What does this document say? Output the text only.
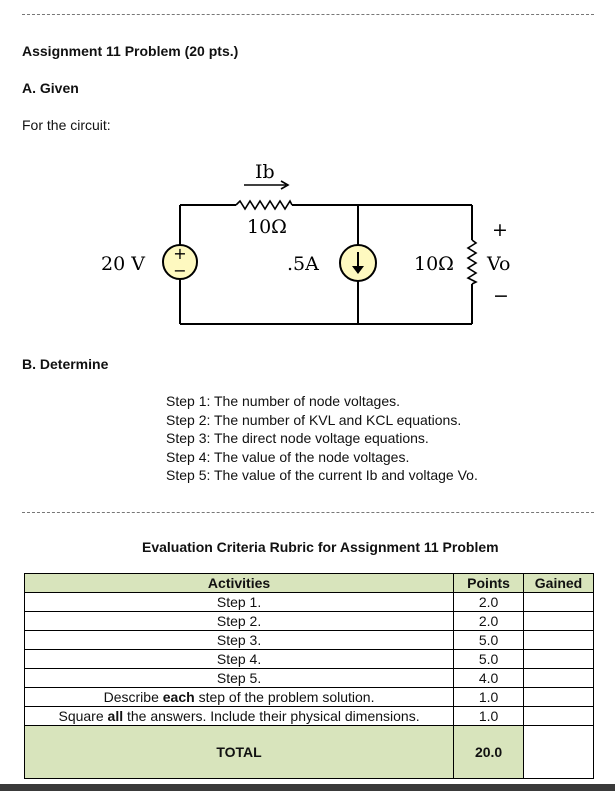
Assignment 11 Problem (20 pts.)
A. Given
For the circuit:
+
−
Ib
10Ω
20 V	.5A	10Ω Vo
+
−
B. Determine
Step 1: The number of node voltages.
Step 2: The number of KVL and KCL equations.
Step 3: The direct node voltage equations.
Step 4: The value of the node voltages.
Step 5: The value of the current Ib and voltage Vo.
Evaluation Criteria Rubric for Assignment 11 Problem
Activities	Points	Gained
Step 1.	2.0	
Step 2.	2.0	
Step 3.	5.0	
Step 4.	5.0	
Step 5.	4.0	
Describe each step of the problem solution.	1.0	
Square all the answers. Include their physical dimensions.	1.0	
TOTAL	20.0	
